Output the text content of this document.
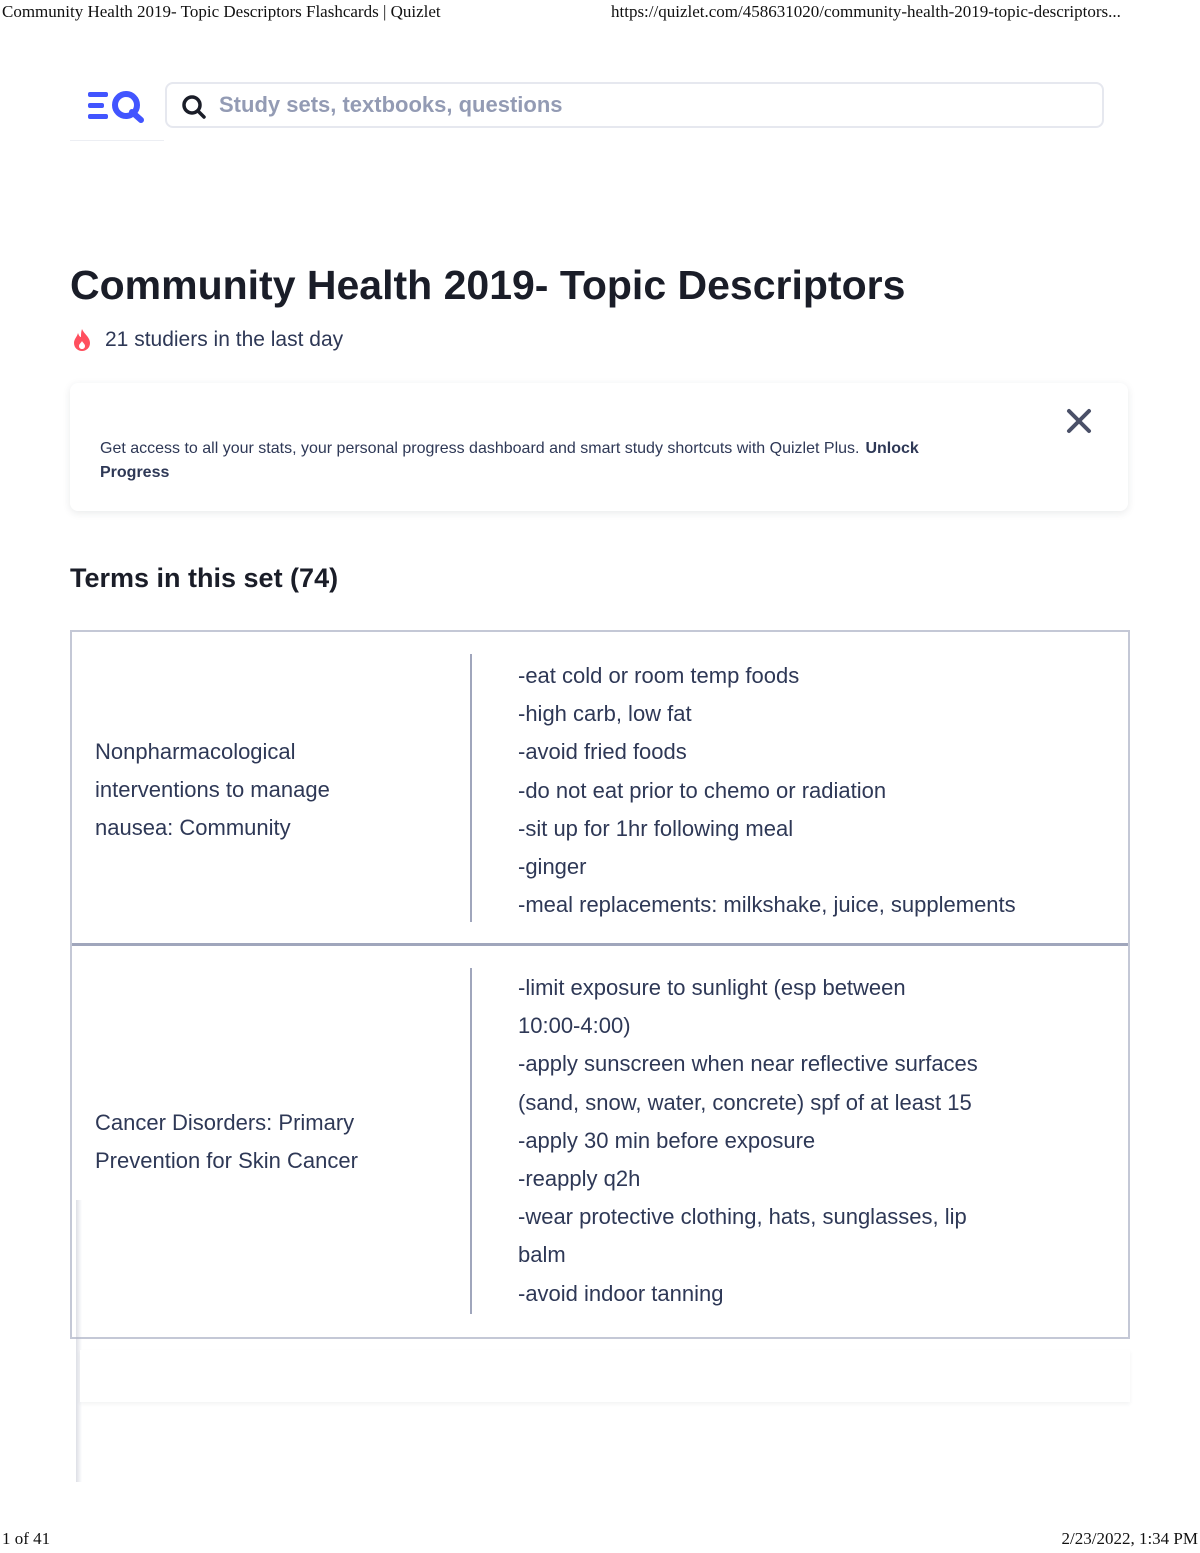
Community Health 2019- Topic Descriptors Flashcards | Quizlet	https://quizlet.com/458631020/community-health-2019-topic-descriptors...
Study sets, textbooks, questions
Community Health 2019- Topic Descriptors
21 studiers in the last day
Get access to all your stats, your personal progress dashboard and smart study shortcuts with Quizlet Plus. Unlock Progress
Terms in this set (74)
Nonpharmacological
interventions to manage
nausea: Community
-eat cold or room temp foods
-high carb, low fat
-avoid fried foods
-do not eat prior to chemo or radiation
-sit up for 1hr following meal
-ginger
-meal replacements: milkshake, juice, supplements
Cancer Disorders: Primary
Prevention for Skin Cancer
-limit exposure to sunlight (esp between
10:00-4:00)
-apply sunscreen when near reflective surfaces
(sand, snow, water, concrete) spf of at least 15
-apply 30 min before exposure
-reapply q2h
-wear protective clothing, hats, sunglasses, lip
balm
-avoid indoor tanning
1 of 41	2/23/2022, 1:34 PM
